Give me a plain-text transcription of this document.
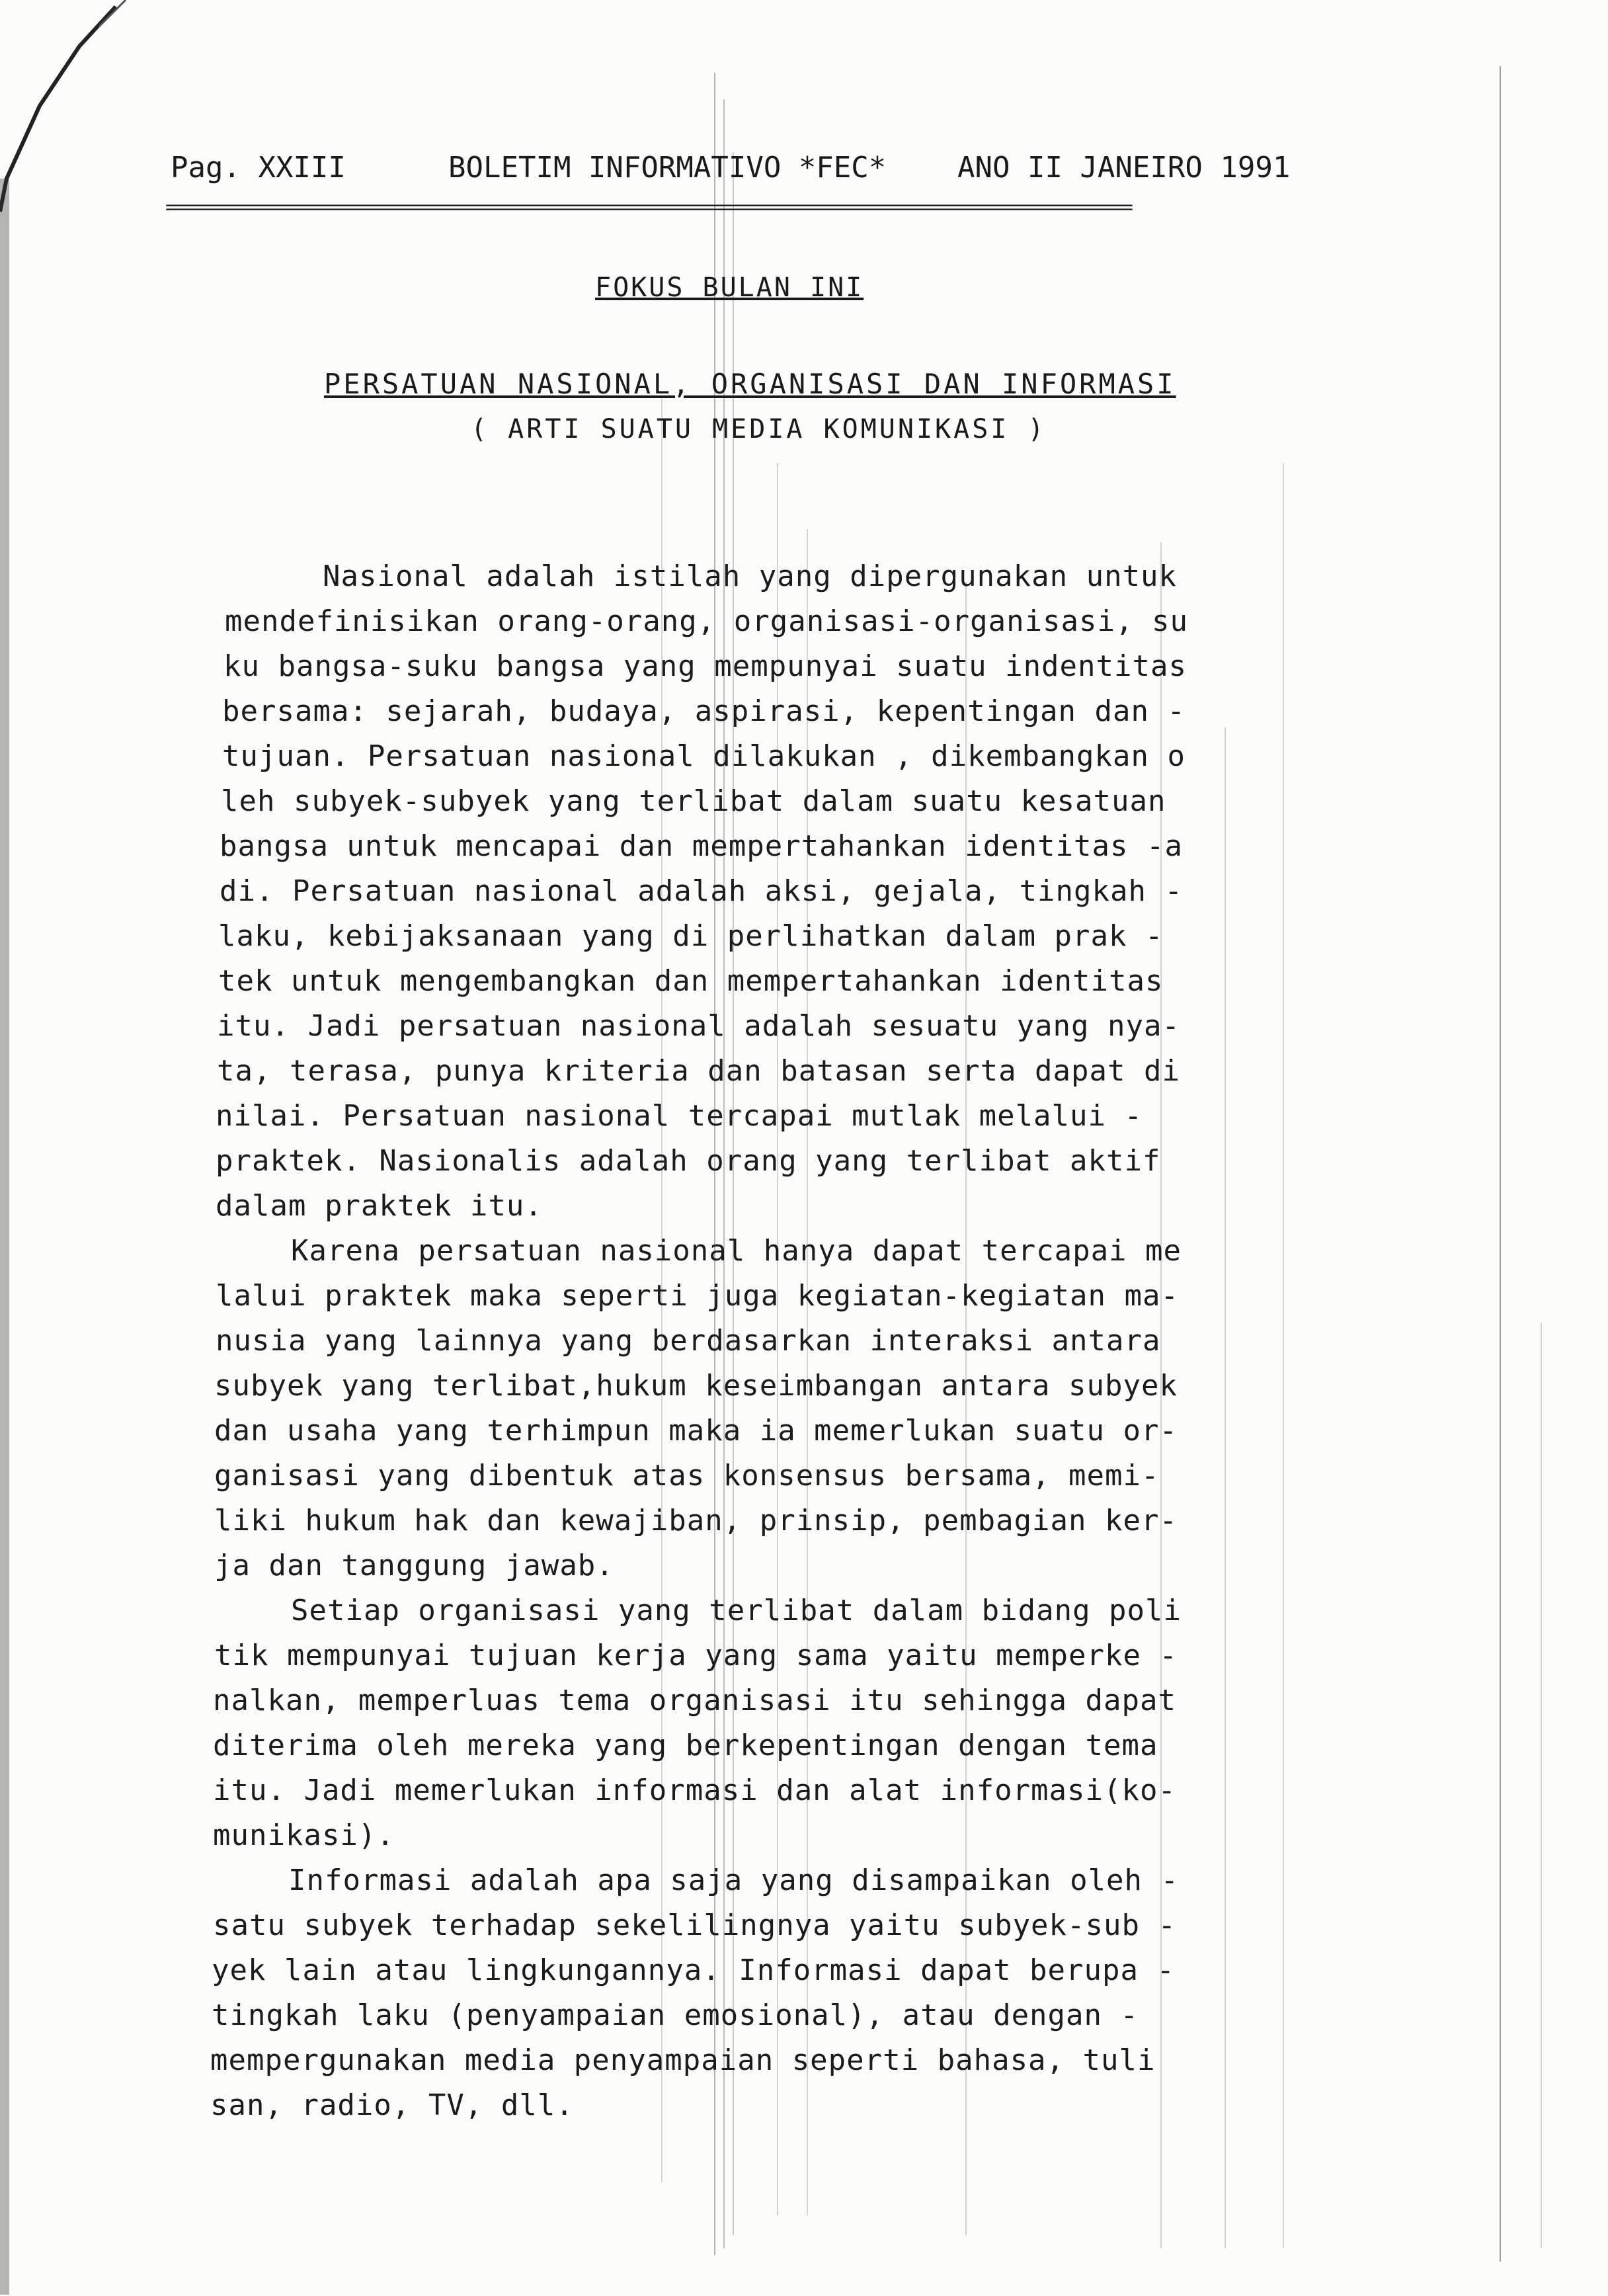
Pag. XXIII	BOLETIM INFORMATIVO *FEC* ANO II JANEIRO 1991
=================================================================================================
FOKUS BULAN INI
PERSATUAN NASIONAL, ORGANISASI DAN INFORMASI
( ARTI SUATU MEDIA KOMUNIKASI )
Nasional adalah istilah yang dipergunakan untuk
mendefinisikan orang-orang, organisasi-organisasi, su
ku bangsa-suku bangsa yang mempunyai suatu indentitas
bersama: sejarah, budaya, aspirasi, kepentingan dan -
tujuan. Persatuan nasional dilakukan , dikembangkan o
leh subyek-subyek yang terlibat dalam suatu kesatuan
bangsa untuk mencapai dan mempertahankan identitas -a
di. Persatuan nasional adalah aksi, gejala, tingkah -
laku, kebijaksanaan yang di perlihatkan dalam prak -
tek untuk mengembangkan dan mempertahankan identitas
itu. Jadi persatuan nasional adalah sesuatu yang nya-
ta, terasa, punya kriteria dan batasan serta dapat di
nilai. Persatuan nasional tercapai mutlak melalui -
praktek. Nasionalis adalah orang yang terlibat aktif
dalam praktek itu.
Karena persatuan nasional hanya dapat tercapai me
lalui praktek maka seperti juga kegiatan-kegiatan ma-
nusia yang lainnya yang berdasarkan interaksi antara
subyek yang terlibat,hukum keseimbangan antara subyek
dan usaha yang terhimpun maka ia memerlukan suatu or-
ganisasi yang dibentuk atas konsensus bersama, memi-
liki hukum hak dan kewajiban, prinsip, pembagian ker-
ja dan tanggung jawab.
Setiap organisasi yang terlibat dalam bidang poli
tik mempunyai tujuan kerja yang sama yaitu memperke -
nalkan, memperluas tema organisasi itu sehingga dapat
diterima oleh mereka yang berkepentingan dengan tema
itu. Jadi memerlukan informasi dan alat informasi(ko-
munikasi).
Informasi adalah apa saja yang disampaikan oleh -
satu subyek terhadap sekelilingnya yaitu subyek-sub -
yek lain atau lingkungannya. Informasi dapat berupa -
tingkah laku (penyampaian emosional), atau dengan -
mempergunakan media penyampaian seperti bahasa, tuli
san, radio, TV, dll.
